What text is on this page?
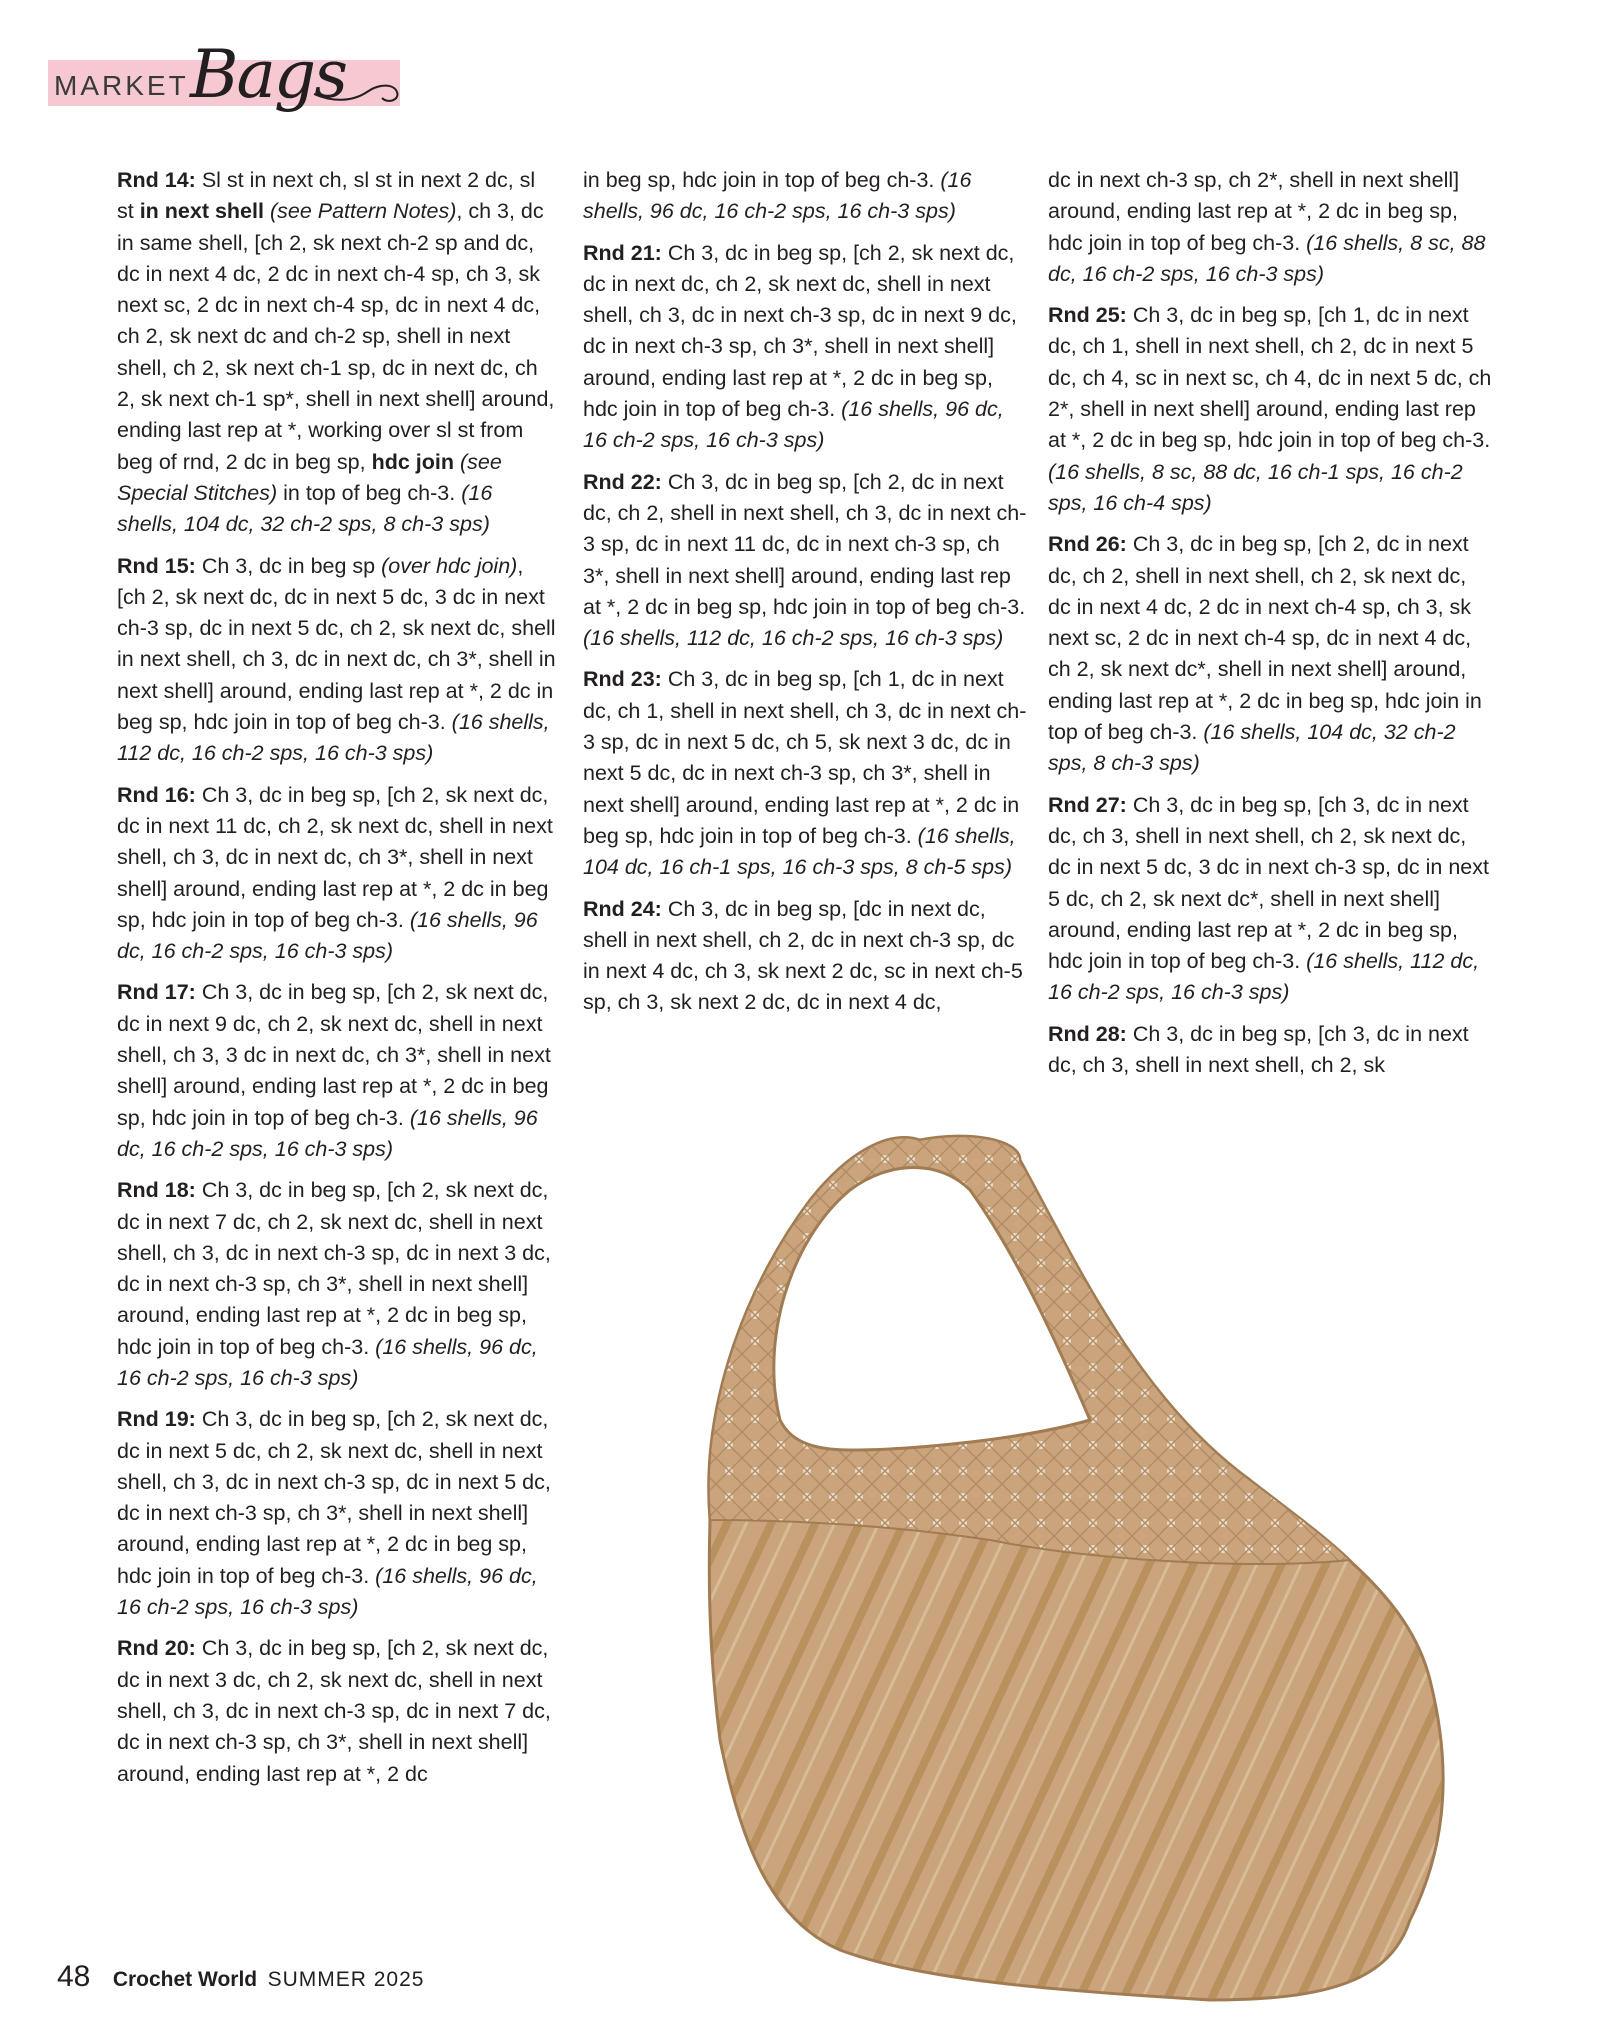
MARKET Bags

Rnd 14: Sl st in next ch, sl st in next 2 dc, sl st in next shell (see Pattern Notes), ch 3, dc in same shell, [ch 2, sk next ch-2 sp and dc, dc in next 4 dc, 2 dc in next ch-4 sp, ch 3, sk next sc, 2 dc in next ch-4 sp, dc in next 4 dc, ch 2, sk next dc and ch-2 sp, shell in next shell, ch 2, sk next ch-1 sp, dc in next dc, ch 2, sk next ch-1 sp*, shell in next shell] around, ending last rep at *, working over sl st from beg of rnd, 2 dc in beg sp, hdc join (see Special Stitches) in top of beg ch-3. (16 shells, 104 dc, 32 ch-2 sps, 8 ch-3 sps)

Rnd 15: Ch 3, dc in beg sp (over hdc join), [ch 2, sk next dc, dc in next 5 dc, 3 dc in next ch-3 sp, dc in next 5 dc, ch 2, sk next dc, shell in next shell, ch 3, dc in next dc, ch 3*, shell in next shell] around, ending last rep at *, 2 dc in beg sp, hdc join in top of beg ch-3. (16 shells, 112 dc, 16 ch-2 sps, 16 ch-3 sps)

Rnd 16: Ch 3, dc in beg sp, [ch 2, sk next dc, dc in next 11 dc, ch 2, sk next dc, shell in next shell, ch 3, dc in next dc, ch 3*, shell in next shell] around, ending last rep at *, 2 dc in beg sp, hdc join in top of beg ch-3. (16 shells, 96 dc, 16 ch-2 sps, 16 ch-3 sps)

Rnd 17: Ch 3, dc in beg sp, [ch 2, sk next dc, dc in next 9 dc, ch 2, sk next dc, shell in next shell, ch 3, 3 dc in next dc, ch 3*, shell in next shell] around, ending last rep at *, 2 dc in beg sp, hdc join in top of beg ch-3. (16 shells, 96 dc, 16 ch-2 sps, 16 ch-3 sps)

Rnd 18: Ch 3, dc in beg sp, [ch 2, sk next dc, dc in next 7 dc, ch 2, sk next dc, shell in next shell, ch 3, dc in next ch-3 sp, dc in next 3 dc, dc in next ch-3 sp, ch 3*, shell in next shell] around, ending last rep at *, 2 dc in beg sp, hdc join in top of beg ch-3. (16 shells, 96 dc, 16 ch-2 sps, 16 ch-3 sps)

Rnd 19: Ch 3, dc in beg sp, [ch 2, sk next dc, dc in next 5 dc, ch 2, sk next dc, shell in next shell, ch 3, dc in next ch-3 sp, dc in next 5 dc, dc in next ch-3 sp, ch 3*, shell in next shell] around, ending last rep at *, 2 dc in beg sp, hdc join in top of beg ch-3. (16 shells, 96 dc, 16 ch-2 sps, 16 ch-3 sps)

Rnd 20: Ch 3, dc in beg sp, [ch 2, sk next dc, dc in next 3 dc, ch 2, sk next dc, shell in next shell, ch 3, dc in next ch-3 sp, dc in next 7 dc, dc in next ch-3 sp, ch 3*, shell in next shell] around, ending last rep at *, 2 dc

in beg sp, hdc join in top of beg ch-3. (16 shells, 96 dc, 16 ch-2 sps, 16 ch-3 sps)

Rnd 21: Ch 3, dc in beg sp, [ch 2, sk next dc, dc in next dc, ch 2, sk next dc, shell in next shell, ch 3, dc in next ch-3 sp, dc in next 9 dc, dc in next ch-3 sp, ch 3*, shell in next shell] around, ending last rep at *, 2 dc in beg sp, hdc join in top of beg ch-3. (16 shells, 96 dc, 16 ch-2 sps, 16 ch-3 sps)

Rnd 22: Ch 3, dc in beg sp, [ch 2, dc in next dc, ch 2, shell in next shell, ch 3, dc in next ch-3 sp, dc in next 11 dc, dc in next ch-3 sp, ch 3*, shell in next shell] around, ending last rep at *, 2 dc in beg sp, hdc join in top of beg ch-3. (16 shells, 112 dc, 16 ch-2 sps, 16 ch-3 sps)

Rnd 23: Ch 3, dc in beg sp, [ch 1, dc in next dc, ch 1, shell in next shell, ch 3, dc in next ch-3 sp, dc in next 5 dc, ch 5, sk next 3 dc, dc in next 5 dc, dc in next ch-3 sp, ch 3*, shell in next shell] around, ending last rep at *, 2 dc in beg sp, hdc join in top of beg ch-3. (16 shells, 104 dc, 16 ch-1 sps, 16 ch-3 sps, 8 ch-5 sps)

Rnd 24: Ch 3, dc in beg sp, [dc in next dc, shell in next shell, ch 2, dc in next ch-3 sp, dc in next 4 dc, ch 3, sk next 2 dc, sc in next ch-5 sp, ch 3, sk next 2 dc, dc in next 4 dc,

dc in next ch-3 sp, ch 2*, shell in next shell] around, ending last rep at *, 2 dc in beg sp, hdc join in top of beg ch-3. (16 shells, 8 sc, 88 dc, 16 ch-2 sps, 16 ch-3 sps)

Rnd 25: Ch 3, dc in beg sp, [ch 1, dc in next dc, ch 1, shell in next shell, ch 2, dc in next 5 dc, ch 4, sc in next sc, ch 4, dc in next 5 dc, ch 2*, shell in next shell] around, ending last rep at *, 2 dc in beg sp, hdc join in top of beg ch-3. (16 shells, 8 sc, 88 dc, 16 ch-1 sps, 16 ch-2 sps, 16 ch-4 sps)

Rnd 26: Ch 3, dc in beg sp, [ch 2, dc in next dc, ch 2, shell in next shell, ch 2, sk next dc, dc in next 4 dc, 2 dc in next ch-4 sp, ch 3, sk next sc, 2 dc in next ch-4 sp, dc in next 4 dc, ch 2, sk next dc*, shell in next shell] around, ending last rep at *, 2 dc in beg sp, hdc join in top of beg ch-3. (16 shells, 104 dc, 32 ch-2 sps, 8 ch-3 sps)

Rnd 27: Ch 3, dc in beg sp, [ch 3, dc in next dc, ch 3, shell in next shell, ch 2, sk next dc, dc in next 5 dc, 3 dc in next ch-3 sp, dc in next 5 dc, ch 2, sk next dc*, shell in next shell] around, ending last rep at *, 2 dc in beg sp, hdc join in top of beg ch-3. (16 shells, 112 dc, 16 ch-2 sps, 16 ch-3 sps)

Rnd 28: Ch 3, dc in beg sp, [ch 3, dc in next dc, ch 3, shell in next shell, ch 2, sk

48 Crochet World SUMMER 2025
